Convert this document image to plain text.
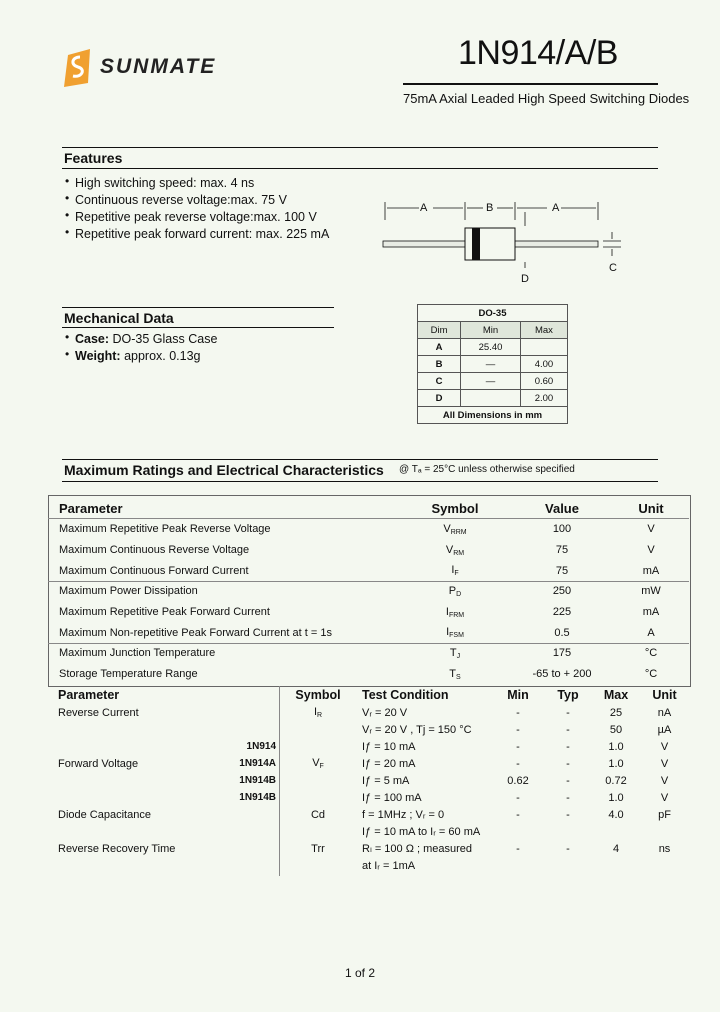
SUNMATE	1N914/A/B
75mA Axial Leaded High Speed Switching Diodes
Features
• High switching speed: max. 4 ns
• Continuous reverse voltage:max. 75 V
• Repetitive peak reverse voltage:max. 100 V
• Repetitive peak forward current: max. 225 mA
A	B	A
C
D
Mechanical Data
• Case: DO-35 Glass Case
• Weight: approx. 0.13g
DO-35		
Dim	Min	Max
A	25.40	
B	—	4.00
C	—	0.60
D		2.00
All Dimensions in mm		
Maximum Ratings and Electrical Characteristics @ Tₐ = 25°C unless otherwise specified
Parameter	Symbol	Value	Unit
Maximum Repetitive Peak Reverse Voltage	$V_{RRM}$	100	V
Maximum Continuous Reverse Voltage	$V_{RM}$	75	V
Maximum Continuous Forward Current	$I_F$	75	mA
Maximum Power Dissipation	$P_D$	250	mW
Maximum Repetitive Peak Forward Current	$I_{FRM}$	225	mA
Maximum Non-repetitive Peak Forward Current at t = 1s	$I_{FSM}$	0.5	A
Maximum Junction Temperature	$T_J$	175	°C
Storage Temperature Range	$T_S$	-65 to + 200	°C
Parameter		Symbol	Test Condition	Min	Typ	Max	Unit
Reverse Current		$I_R$	Vᵣ = 20 V	-	-	25	nA
			Vᵣ = 20 V , Tj = 150 °C	-	-	50	µA
	1N914		Iƒ = 10 mA	-	-	1.0	V
Forward Voltage	1N914A	$V_F$	Iƒ = 20 mA	-	-	1.0	V
	1N914B		Iƒ = 5 mA	0.62	-	0.72	V
	1N914B		Iƒ = 100 mA	-	-	1.0	V
Diode Capacitance		Cd	f = 1MHz ; Vᵣ = 0	-	-	4.0	pF
			Iƒ = 10 mA to Iᵣ = 60 mA				
Reverse Recovery Time		Trr	Rₗ = 100 Ω ; measured	-	-	4	ns
			at Iᵣ = 1mA				
1 of 2
